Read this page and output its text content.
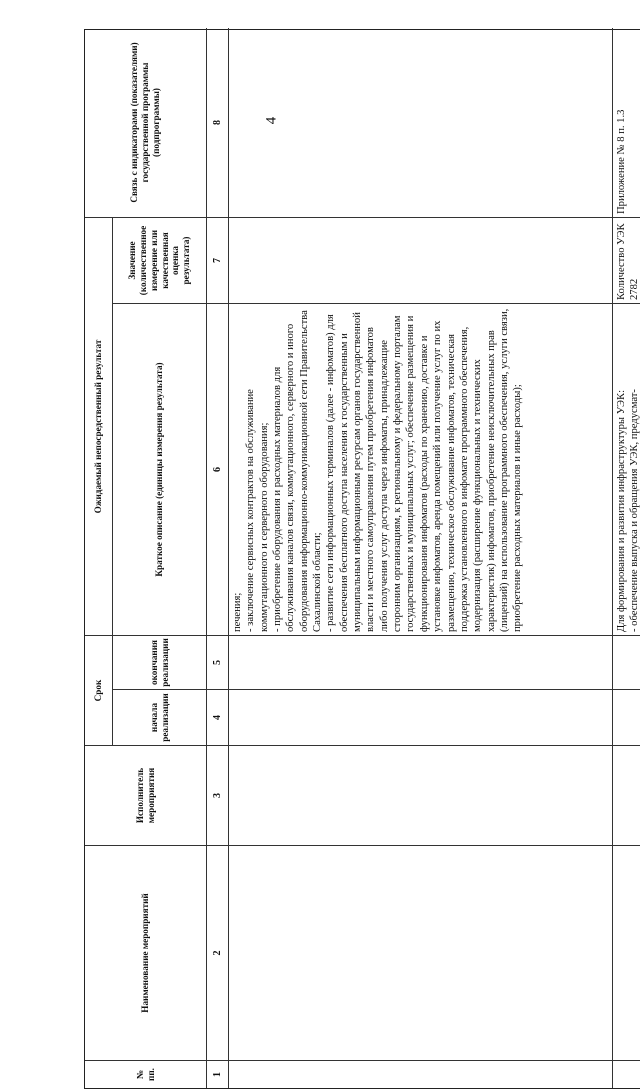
4
№ пп.
Наименование мероприятий
Исполнитель мероприятия
Срок
начала реализации
окончания реализации
Ожидаемый непосредственный результат	Краткое описание (единицы измерения результата)
Значение (количественное измерение или качественная оценка результата)
Связь с индикаторами (показателями) государственной программы (подпрограммы)
1
2
3
4
5
6
7
8
печения;
- заключение сервисных контрактов на обслуживание коммутационного и серверного оборудования;
- приобретение оборудования и расходных материалов для обслуживания каналов связи, коммутационного, серверного и иного оборудования информационно-коммуникационной сети Правительства Сахалинской области;
- развитие сети информационных терминалов (далее - инфоматов) для обеспечения бесплатного доступа населения к государственным и муниципальным информационным ресурсам органов государственной власти и местного самоуправления путем приобретения инфоматов либо получения услуг доступа через инфоматы, принадлежащие сторонним организациям, к региональному и федеральному порталам государственных и муниципальных услуг; обеспечение размещения и функционирования инфоматов (расходы по хранению, доставке и установке инфоматов, аренда помещений или получение услуг по их размещению, техническое обслуживание инфоматов, техническая поддержка установленного в инфомате программного обеспечения, модернизация (расширение функциональных и технических характеристик) инфоматов, приобретение неисключительных прав (лицензий) на использование программного обеспечения, услуги связи, приобретение расходных материалов и иные расходы);
Для формирования и развития инфраструктуры УЭК:
- обеспечение выпуска и обращения УЭК, предусмат-
Количество УЭК 2782
Приложение № 8 п. 1.3
